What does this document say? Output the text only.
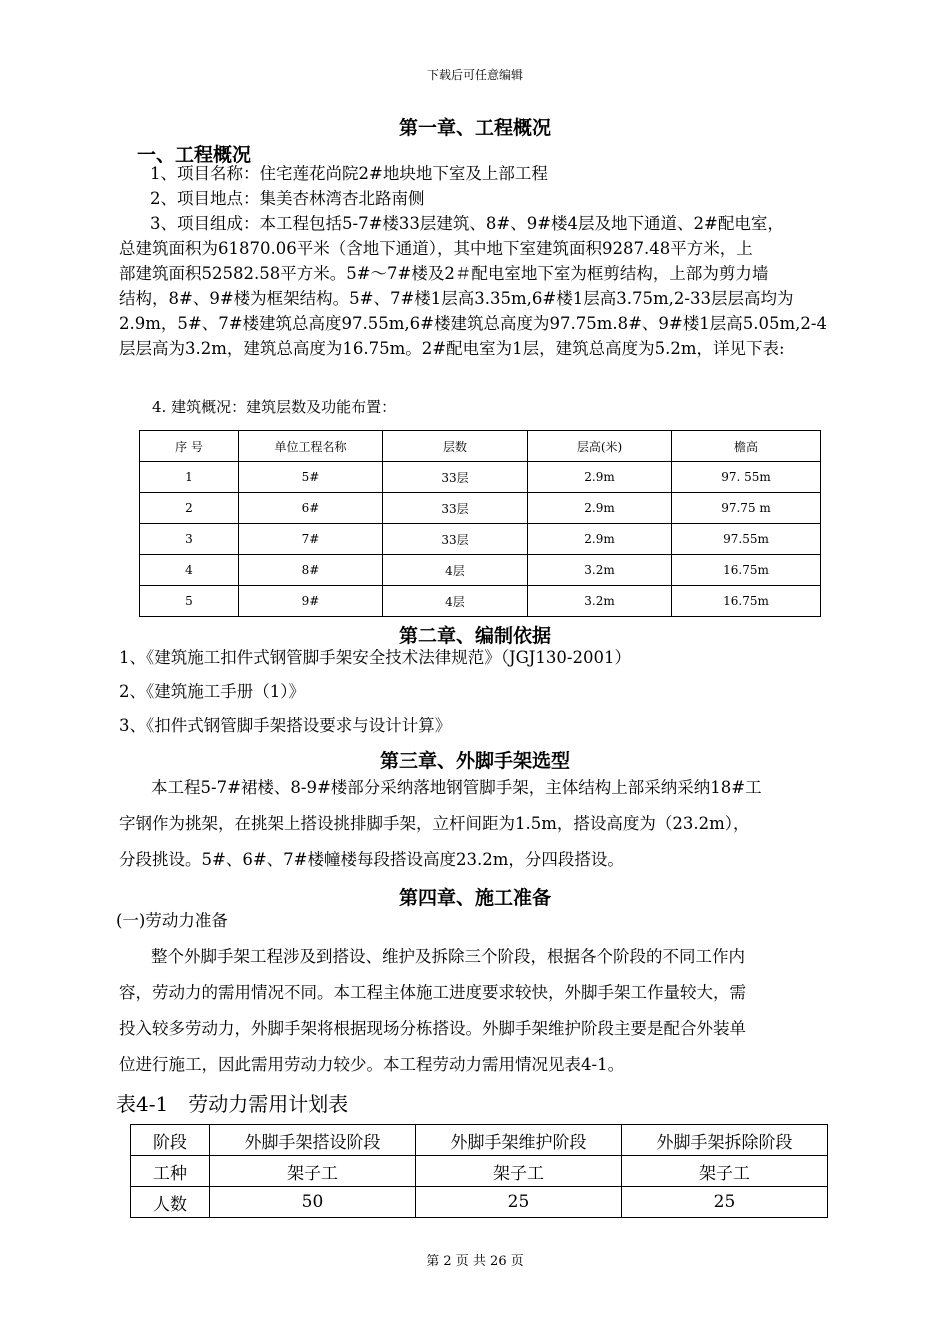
下载后可任意编辑
第一章、工程概况
一、工程概况
1、项目名称：住宅莲花尚院2#地块地下室及上部工程
2、项目地点：集美杏林湾杏北路南侧
3、项目组成：本工程包括5-7#楼33层建筑、8#、9#楼4层及地下通道、2#配电室，
总建筑面积为61870.06平米（含地下通道），其中地下室建筑面积9287.48平方米，上
部建筑面积52582.58平方米。5#～7#楼及2＃配电室地下室为框剪结构，上部为剪力墙
结构，8#、9#楼为框架结构。5#、7#楼1层高3.35m,6#楼1层高3.75m,2-33层层高均为
2.9m，5#、7#楼建筑总高度97.55m,6#楼建筑总高度为97.75m.8#、9#楼1层高5.05m,2-4
层层高为3.2m，建筑总高度为16.75m。2#配电室为1层，建筑总高度为5.2m，详见下表:
4. 建筑概况：建筑层数及功能布置：
序 号	单位工程名称	层数	层高(米)	檐高
1	5#	33层	2.9m	97. 55m
2	6#	33层	2.9m	97.75 m
3	7#	33层	2.9m	97.55m
4	8#	4层	3.2m	16.75m
5	9#	4层	3.2m	16.75m
第二章、编制依据
1、《建筑施工扣件式钢管脚手架安全技术法律规范》（JGJ130-2001）
2、《建筑施工手册（1）》
3、《扣件式钢管脚手架搭设要求与设计计算》
第三章、外脚手架选型
本工程5-7#裙楼、8-9#楼部分采纳落地钢管脚手架，主体结构上部采纳采纳18#工
字钢作为挑架，在挑架上搭设挑排脚手架，立杆间距为1.5m，搭设高度为（23.2m），
分段挑设。5#、6#、7#楼幢楼每段搭设高度23.2m，分四段搭设。
第四章、施工准备
(一)劳动力准备
整个外脚手架工程涉及到搭设、维护及拆除三个阶段，根据各个阶段的不同工作内
容，劳动力的需用情况不同。本工程主体施工进度要求较快，外脚手架工作量较大，需
投入较多劳动力，外脚手架将根据现场分栋搭设。外脚手架维护阶段主要是配合外装单
位进行施工，因此需用劳动力较少。本工程劳动力需用情况见表4-1。
表4-1　劳动力需用计划表
阶段	外脚手架搭设阶段	外脚手架维护阶段	外脚手架拆除阶段
工种	架子工	架子工	架子工
人数	50	25	25
第 2 页 共 26 页
